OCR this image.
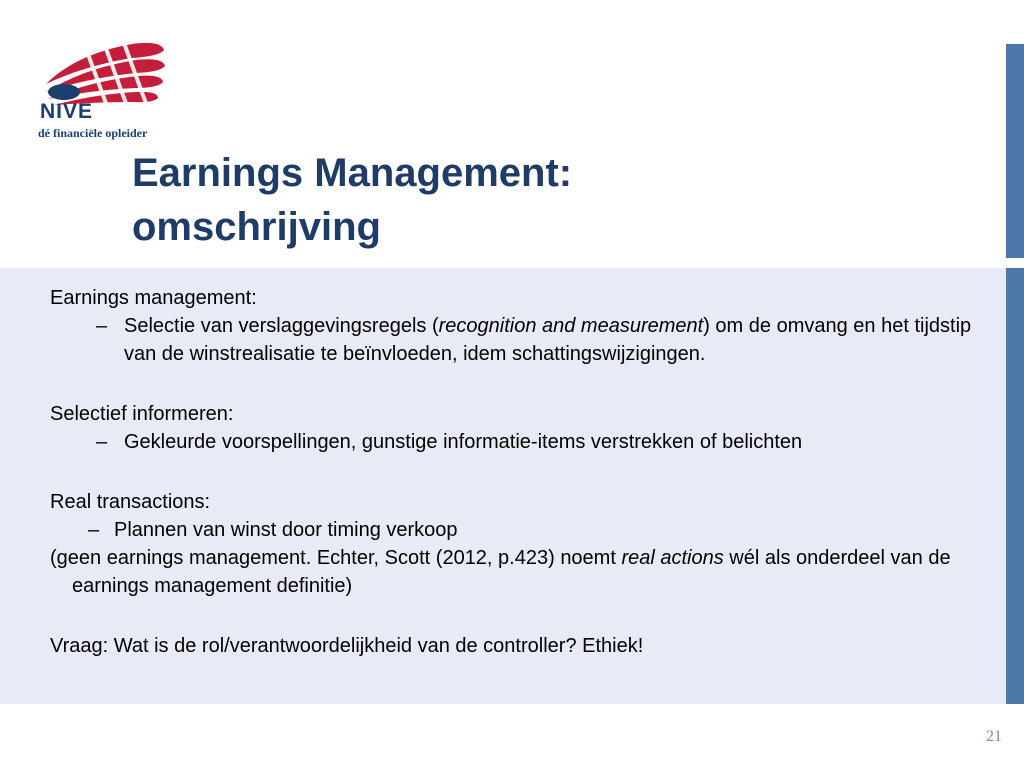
NIVE
dé financiële opleider
Earnings Management:
omschrijving

Earnings management:

– Selectie van verslaggevingsregels (recognition and measurement) om de omvang en het tijdstip van de winstrealisatie te beïnvloeden, idem schattingswijzigingen.

Selectief informeren:

– Gekleurde voorspellingen, gunstige informatie-items verstrekken of belichten

Real transactions:

– Plannen van winst door timing verkoop

(geen earnings management. Echter, Scott (2012, p.423) noemt real actions wél als onderdeel van de earnings management definitie)

Vraag: Wat is de rol/verantwoordelijkheid van de controller? Ethiek!

21
